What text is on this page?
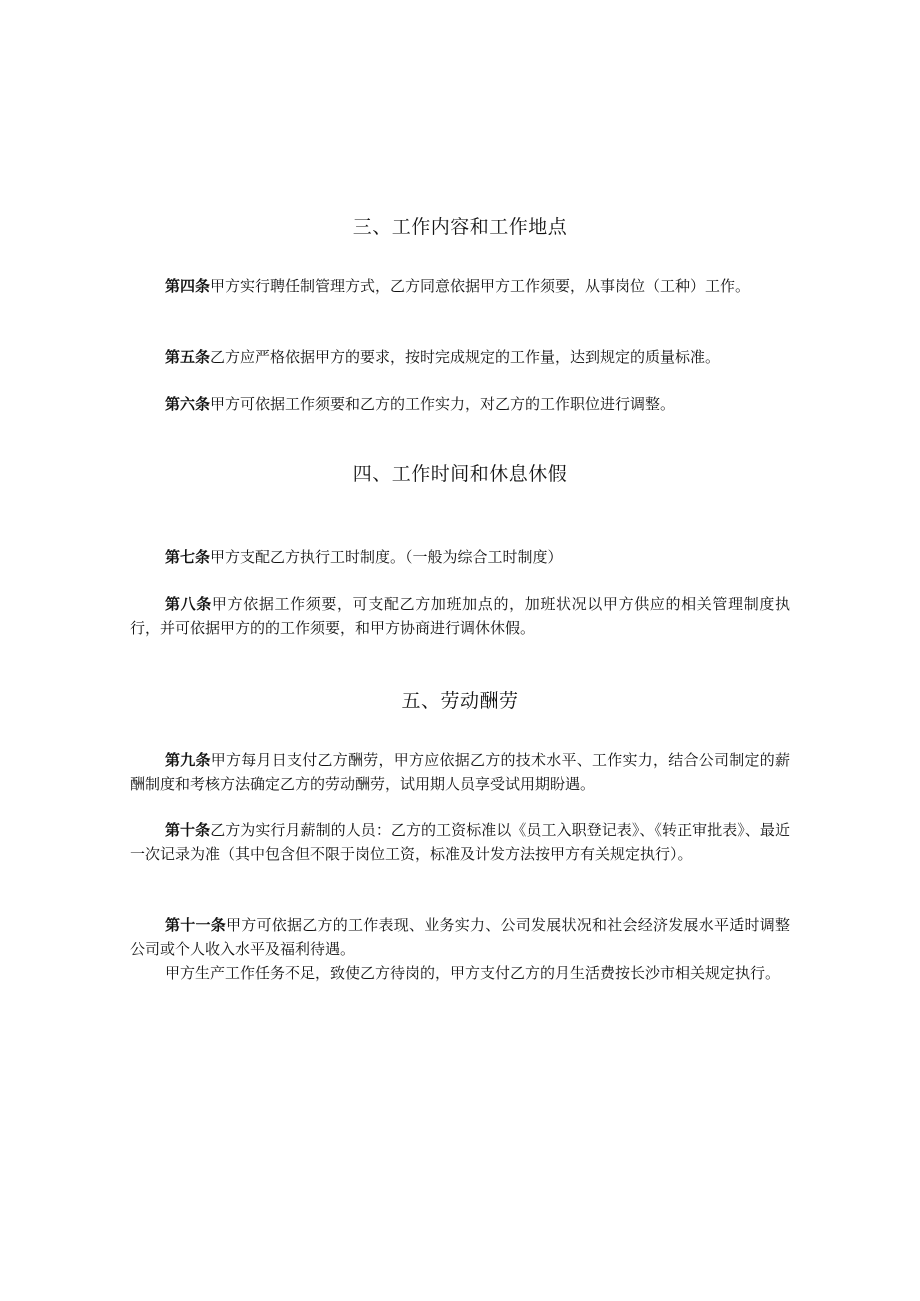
三、工作内容和工作地点

第四条甲方实行聘任制管理方式，乙方同意依据甲方工作须要，从事岗位（工种）工作。

第五条乙方应严格依据甲方的要求，按时完成规定的工作量，达到规定的质量标准。

第六条甲方可依据工作须要和乙方的工作实力，对乙方的工作职位进行调整。

四、工作时间和休息休假

第七条甲方支配乙方执行工时制度。（一般为综合工时制度）

第八条甲方依据工作须要，可支配乙方加班加点的，加班状况以甲方供应的相关管理制度执行，并可依据甲方的的工作须要，和甲方协商进行调休休假。

五、劳动酬劳

第九条甲方每月日支付乙方酬劳，甲方应依据乙方的技术水平、工作实力，结合公司制定的薪酬制度和考核方法确定乙方的劳动酬劳，试用期人员享受试用期盼遇。

第十条乙方为实行月薪制的人员：乙方的工资标准以《员工入职登记表》、《转正审批表》、最近一次记录为准（其中包含但不限于岗位工资，标准及计发方法按甲方有关规定执行）。

第十一条甲方可依据乙方的工作表现、业务实力、公司发展状况和社会经济发展水平适时调整公司或个人收入水平及福利待遇。

甲方生产工作任务不足，致使乙方待岗的，甲方支付乙方的月生活费按长沙市相关规定执行。
